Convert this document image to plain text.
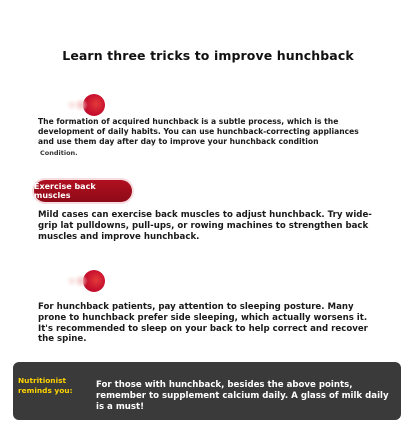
Learn three tricks to improve hunchback
The formation of acquired hunchback is a subtle process, which is the development of daily habits. You can use hunchback-correcting appliances and use them day after day to improve your hunchback condition
Condition.
Exercise back muscles
Mild cases can exercise back muscles to adjust hunchback. Try wide-grip lat pulldowns, pull-ups, or rowing machines to strengthen back muscles and improve hunchback.
For hunchback patients, pay attention to sleeping posture. Many prone to hunchback prefer side sleeping, which actually worsens it. It's recommended to sleep on your back to help correct and recover the spine.
Nutritionist reminds you:	For those with hunchback, besides the above points, remember to supplement calcium daily. A glass of milk daily is a must!
